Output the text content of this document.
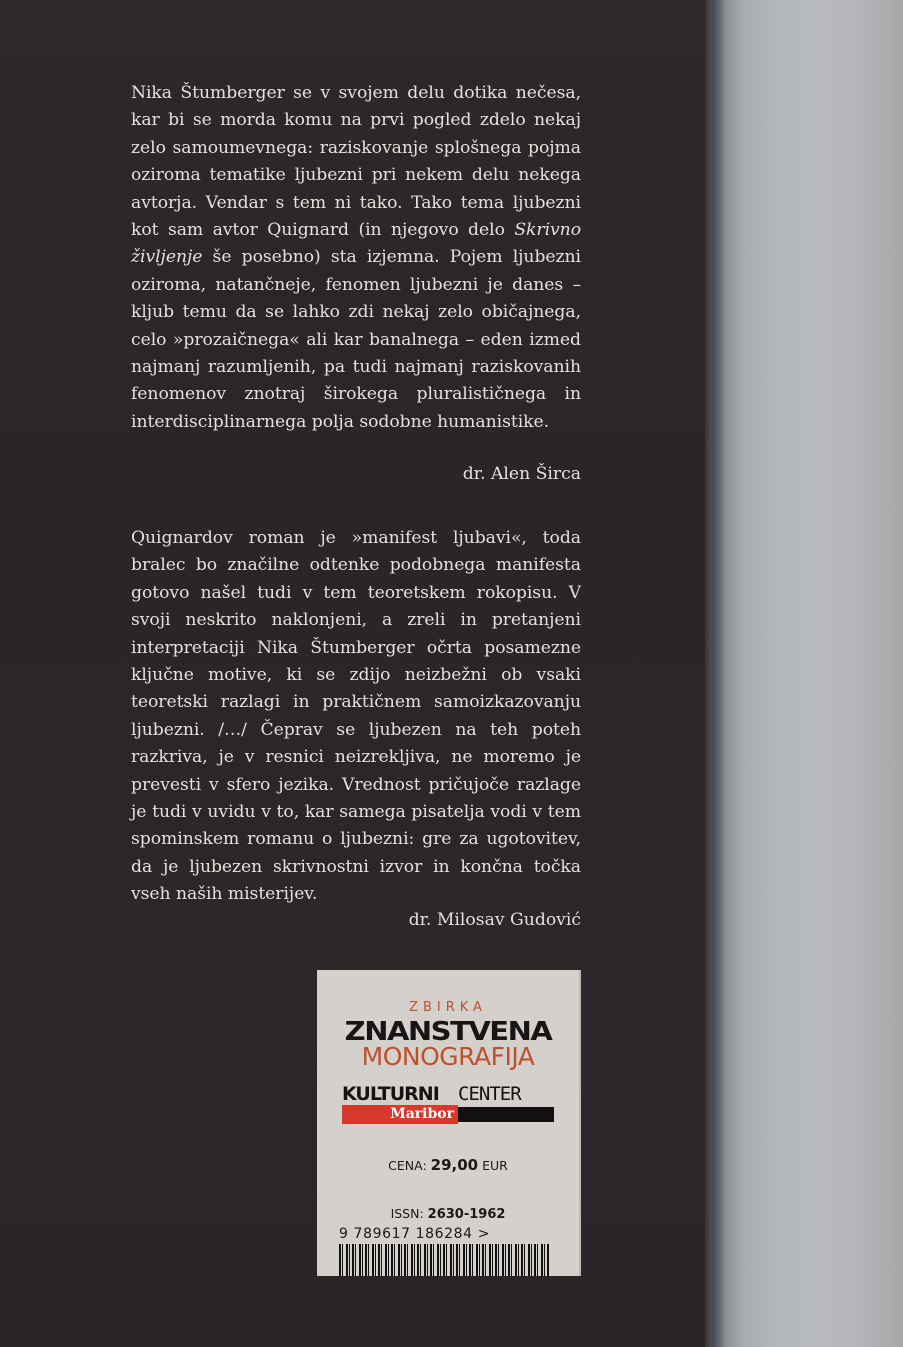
Nika Štumberger se v svojem delu dotika nečesa, kar bi se morda komu na prvi pogled zdelo nekaj zelo samoumevnega: raziskovanje splošnega pojma oziroma tematike ljubezni pri nekem delu nekega avtorja. Vendar s tem ni tako. Tako tema ljubezni kot sam avtor Quignard (in njegovo delo Skrivno življenje še posebno) sta izjemna. Pojem ljubezni oziroma, natančneje, fenomen ljubezni je danes – kljub temu da se lahko zdi nekaj zelo običajnega, celo »prozaičnega« ali kar banalnega – eden izmed najmanj razumljenih, pa tudi najmanj raziskovanih fenomenov znotraj širokega pluralističnega in interdisciplinarnega polja sodobne humanistike.

dr. Alen Širca

Quignardov roman je »manifest ljubavi«, toda bralec bo značilne odtenke podobnega manifesta gotovo našel tudi v tem teoretskem rokopisu. V svoji neskrito naklonjeni, a zreli in pretanjeni interpretaciji Nika Štumberger očrta posamezne ključne motive, ki se zdijo neizbežni ob vsaki teoretski razlagi in praktičnem samoizkazovanju ljubezni. /…/ Čeprav se ljubezen na teh poteh razkriva, je v resnici neizrekljiva, ne moremo je prevesti v sfero jezika. Vrednost pričujoče razlage je tudi v uvidu v to, kar samega pisatelja vodi v tem spominskem romanu o ljubezni: gre za ugotovitev, da je ljubezen skrivnostni izvor in končna točka vseh naših misterijev.

dr. Milosav Gudović
ZBIRKA
ZNANSTVENA
MONOGRAFIJA
KULTURNI CENTER
Maribor
CENA: 29,00 EUR
ISSN: 2630-1962
9 789617 186284 >
